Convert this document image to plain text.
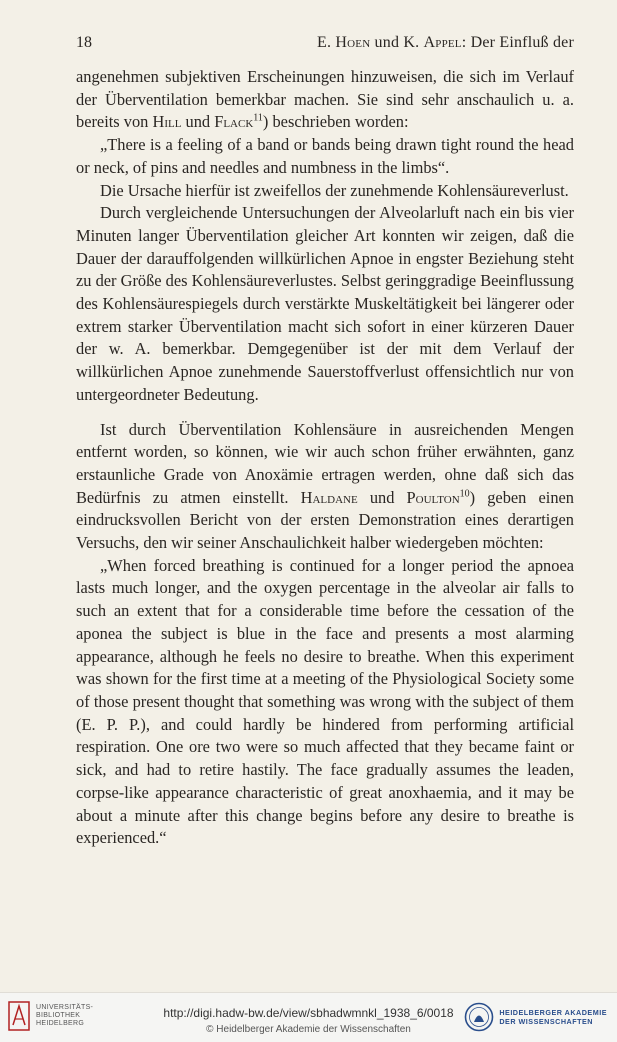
18	E. Hoen und K. Appel: Der Einfluß der

angenehmen subjektiven Erscheinungen hinzuweisen, die sich im Verlauf der Überventilation bemerkbar machen. Sie sind sehr anschaulich u. a. bereits von Hill und Flack$^{11}$) beschrieben worden:

„There is a feeling of a band or bands being drawn tight round the head or neck, of pins and needles and numbness in the limbs“.

Die Ursache hierfür ist zweifellos der zunehmende Kohlensäureverlust.

Durch vergleichende Untersuchungen der Alveolarluft nach ein bis vier Minuten langer Überventilation gleicher Art konnten wir zeigen, daß die Dauer der darauffolgenden willkürlichen Apnoe in engster Beziehung steht zu der Größe des Kohlensäureverlustes. Selbst geringgradige Beeinflussung des Kohlensäurespiegels durch verstärkte Muskeltätigkeit bei längerer oder extrem starker Überventilation macht sich sofort in einer kürzeren Dauer der w. A. bemerkbar. Demgegenüber ist der mit dem Verlauf der willkürlichen Apnoe zunehmende Sauerstoffverlust offensichtlich nur von untergeordneter Bedeutung.

Ist durch Überventilation Kohlensäure in ausreichenden Mengen entfernt worden, so können, wie wir auch schon früher erwähnten, ganz erstaunliche Grade von Anoxämie ertragen werden, ohne daß sich das Bedürfnis zu atmen einstellt. Haldane und Poulton$^{10}$) geben einen eindrucksvollen Bericht von der ersten Demonstration eines derartigen Versuchs, den wir seiner Anschaulichkeit halber wiedergeben möchten:

„When forced breathing is continued for a longer period the apnoea lasts much longer, and the oxygen percentage in the alveolar air falls to such an extent that for a considerable time before the cessation of the aponea the subject is blue in the face and presents a most alarming appearance, although he feels no desire to breathe. When this experiment was shown for the first time at a meeting of the Physiological Society some of those present thought that something was wrong with the subject of them (E. P. P.), and could hardly be hindered from performing artificial respiration. One ore two were so much affected that they became faint or sick, and had to retire hastily. The face gradually assumes the leaden, corpse-like appearance characteristic of great anoxhaemia, and it may be about a minute after this change begins before any desire to breathe is experienced.“

UNIVERSITÄTS-
BIBLIOTHEK
HEIDELBERG
http://digi.hadw-bw.de/view/sbhadwmnkl_1938_6/0018
© Heidelberger Akademie der Wissenschaften
HEIDELBERGER AKADEMIE
DER WISSENSCHAFTEN
